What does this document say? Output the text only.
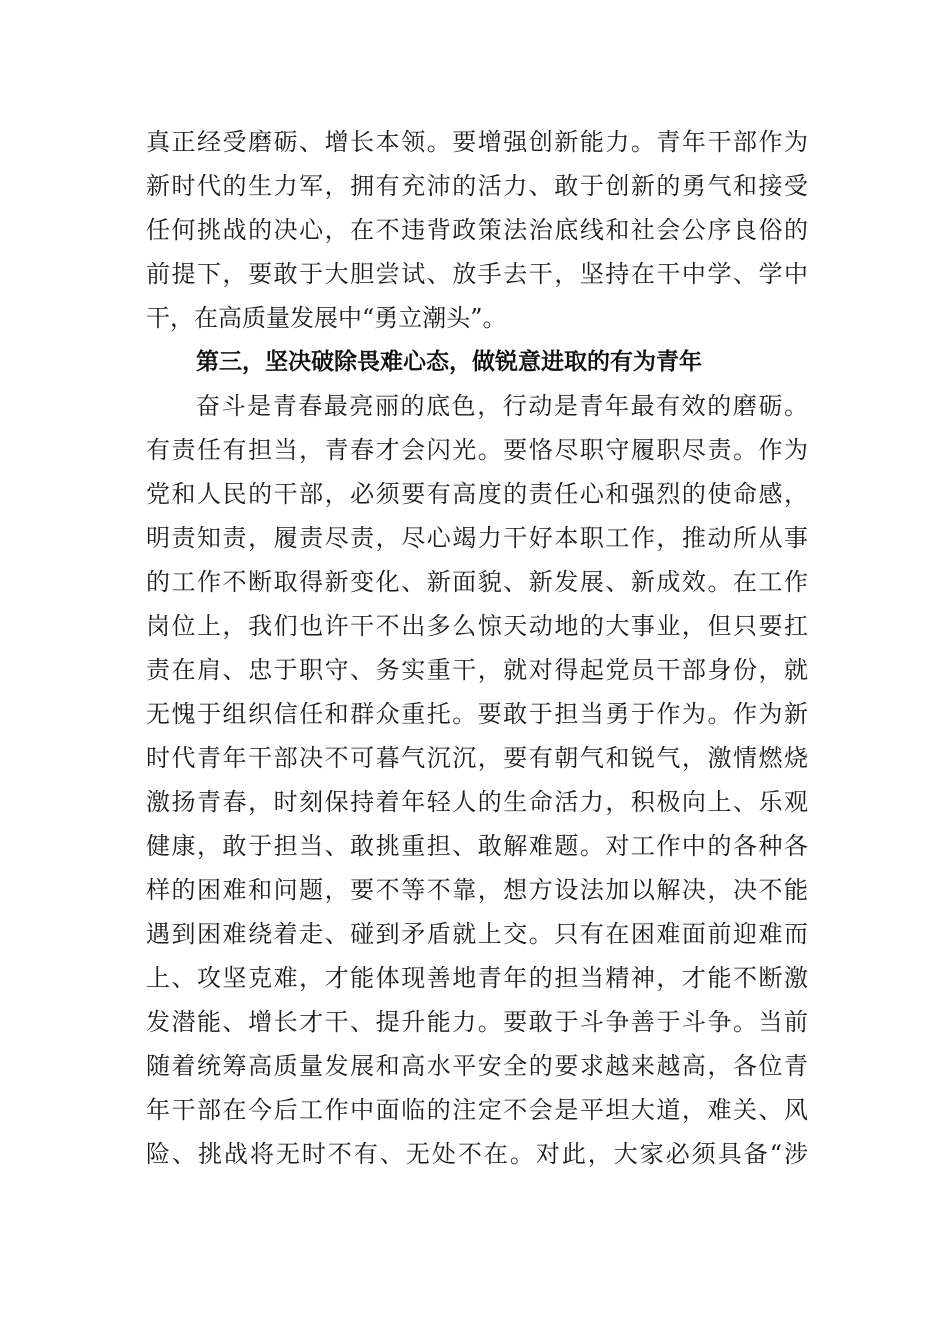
真正经受磨砺、增长本领。要增强创新能力。青年干部作为
新时代的生力军，拥有充沛的活力、敢于创新的勇气和接受
任何挑战的决心，在不违背政策法治底线和社会公序良俗的
前提下，要敢于大胆尝试、放手去干，坚持在干中学、学中
干，在高质量发展中“勇立潮头”。
第三，坚决破除畏难心态，做锐意进取的有为青年
奋斗是青春最亮丽的底色，行动是青年最有效的磨砺。
有责任有担当，青春才会闪光。要恪尽职守履职尽责。作为
党和人民的干部，必须要有高度的责任心和强烈的使命感，
明责知责，履责尽责，尽心竭力干好本职工作，推动所从事
的工作不断取得新变化、新面貌、新发展、新成效。在工作
岗位上，我们也许干不出多么惊天动地的大事业，但只要扛
责在肩、忠于职守、务实重干，就对得起党员干部身份，就
无愧于组织信任和群众重托。要敢于担当勇于作为。作为新
时代青年干部决不可暮气沉沉，要有朝气和锐气，激情燃烧
激扬青春，时刻保持着年轻人的生命活力，积极向上、乐观
健康，敢于担当、敢挑重担、敢解难题。对工作中的各种各
样的困难和问题，要不等不靠，想方设法加以解决，决不能
遇到困难绕着走、碰到矛盾就上交。只有在困难面前迎难而
上、攻坚克难，才能体现善地青年的担当精神，才能不断激
发潜能、增长才干、提升能力。要敢于斗争善于斗争。当前
随着统筹高质量发展和高水平安全的要求越来越高，各位青
年干部在今后工作中面临的注定不会是平坦大道，难关、风
险、挑战将无时不有、无处不在。对此，大家必须具备“涉
